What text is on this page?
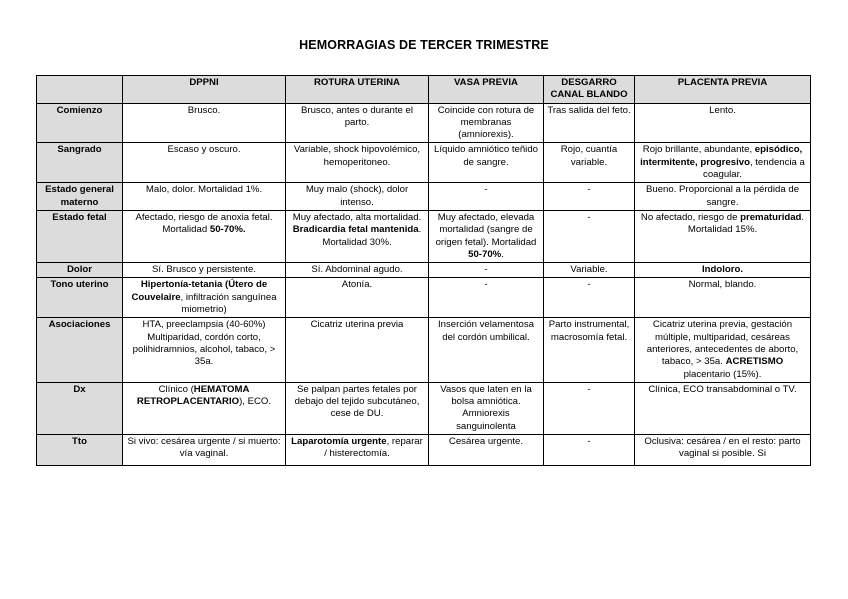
HEMORRAGIAS DE TERCER TRIMESTRE
	DPPNI	ROTURA UTERINA	VASA PREVIA	DESGARRO CANAL BLANDO	PLACENTA PREVIA
Comienzo	Brusco.	Brusco, antes o durante el parto.	Coincide con rotura de membranas (amniorexis).	Tras salida del feto.	Lento.
Sangrado	Escaso y oscuro.	Variable, shock hipovolémico, hemoperitoneo.	Líquido amniótico teñido de sangre.	Rojo, cuantía variable.	Rojo brillante, abundante, episódico, intermitente, progresivo, tendencia a coagular.
Estado general materno	Malo, dolor. Mortalidad 1%.	Muy malo (shock), dolor intenso.	-	-	Bueno. Proporcional a la pérdida de sangre.
Estado fetal	Afectado, riesgo de anoxia fetal. Mortalidad 50-70%.	Muy afectado, alta mortalidad. Bradicardia fetal mantenida. Mortalidad 30%.	Muy afectado, elevada mortalidad (sangre de origen fetal). Mortalidad 50-70%.	-	No afectado, riesgo de prematuridad. Mortalidad 15%.
Dolor	Sí. Brusco y persistente.	Sí. Abdominal agudo.	-	Variable.	Indoloro.
Tono uterino	Hipertonía-tetania (Útero de Couvelaire, infiltración sanguínea miometrio)	Atonía.	-	-	Normal, blando.
Asociaciones	HTA, preeclampsia (40-60%) Multiparidad, cordón corto, polihidramnios, alcohol, tabaco, > 35a.	Cicatriz uterina previa	Inserción velamentosa del cordón umbilical.	Parto instrumental, macrosomía fetal.	Cicatriz uterina previa, gestación múltiple, multiparidad, cesáreas anteriores, antecedentes de aborto, tabaco, > 35a. ACRETISMO placentario (15%).
Dx	Clínico (HEMATOMA RETROPLACENTARIO), ECO.	Se palpan partes fetales por debajo del tejido subcutáneo, cese de DU.	Vasos que laten en la bolsa amniótica. Amniorexis sanguinolenta	-	Clínica, ECO transabdominal o TV.
Tto	Si vivo: cesárea urgente / si muerto: vía vaginal.	Laparotomía urgente, reparar / histerectomía.	Cesárea urgente.	-	Oclusiva: cesárea / en el resto: parto vaginal si posible. Si
